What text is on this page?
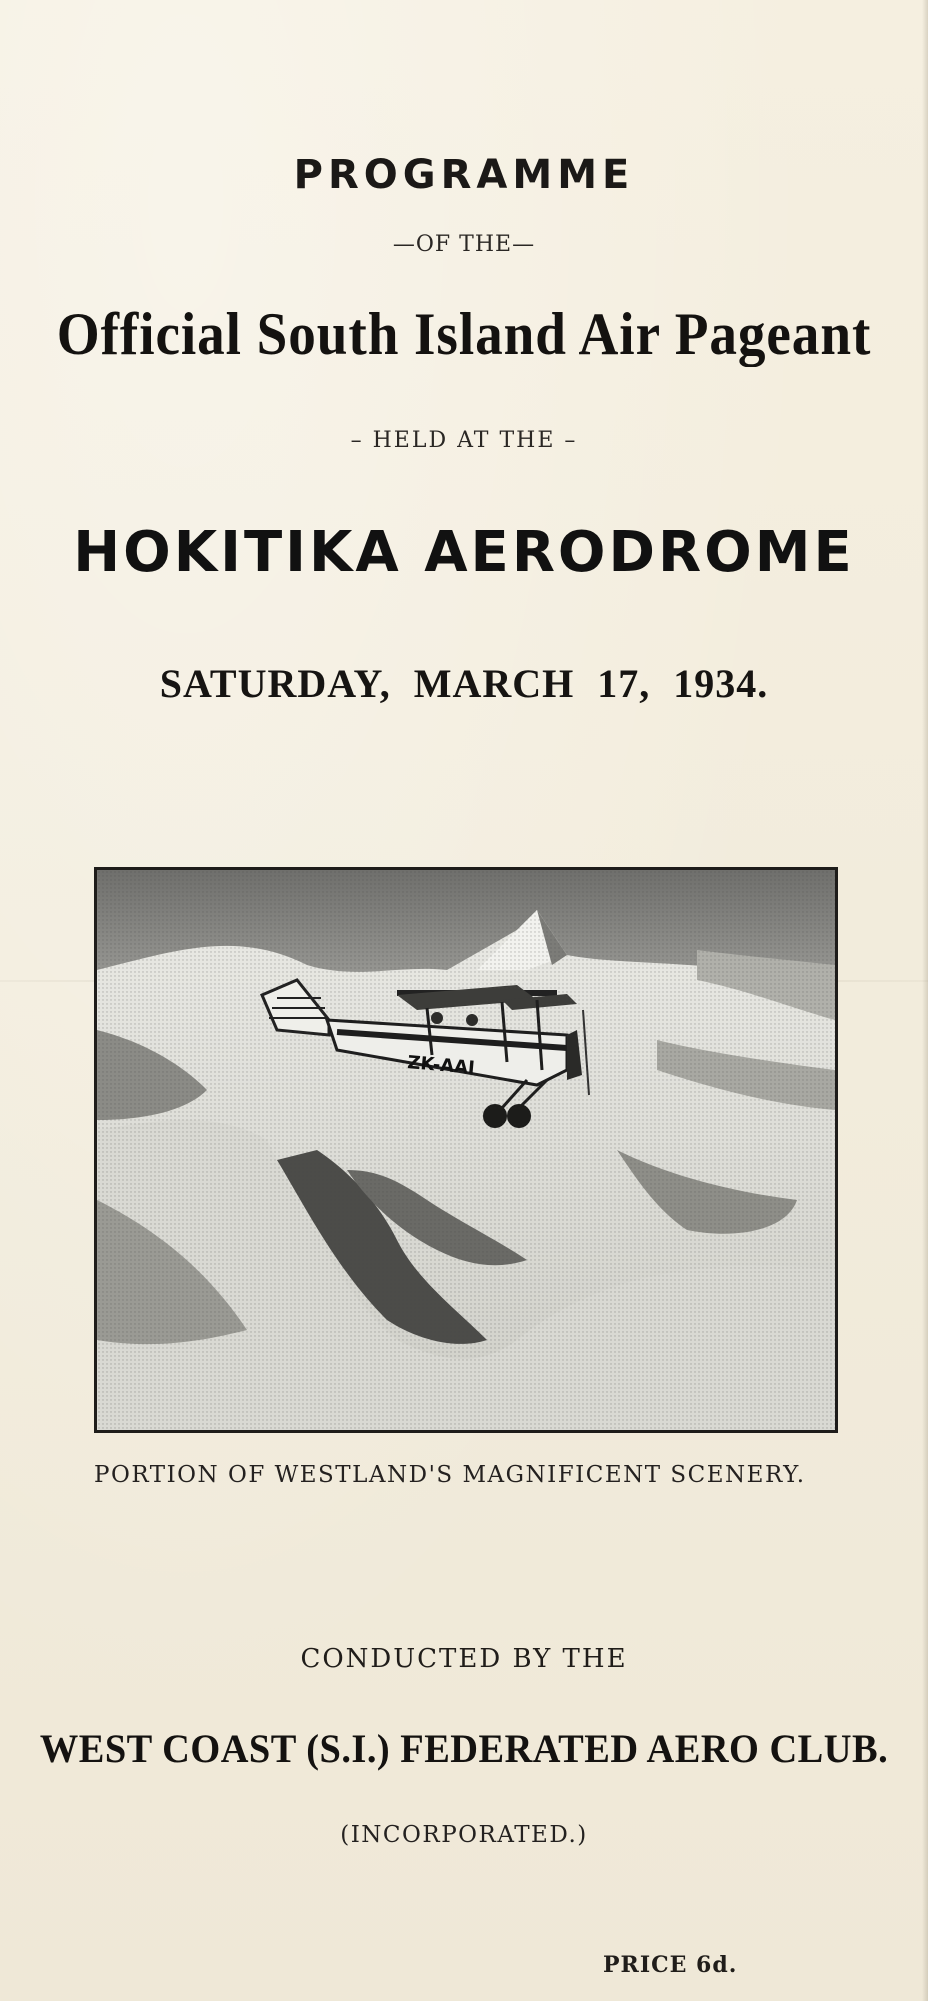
PROGRAMME
—OF THE—
Official South Island Air Pageant
– HELD AT THE –
HOKITIKA AERODROME
SATURDAY, MARCH 17, 1934.
ZK-AAI
PORTION OF WESTLAND'S MAGNIFICENT SCENERY.
CONDUCTED BY THE
WEST COAST (S.I.) FEDERATED AERO CLUB.
(INCORPORATED.)
PRICE 6d.
